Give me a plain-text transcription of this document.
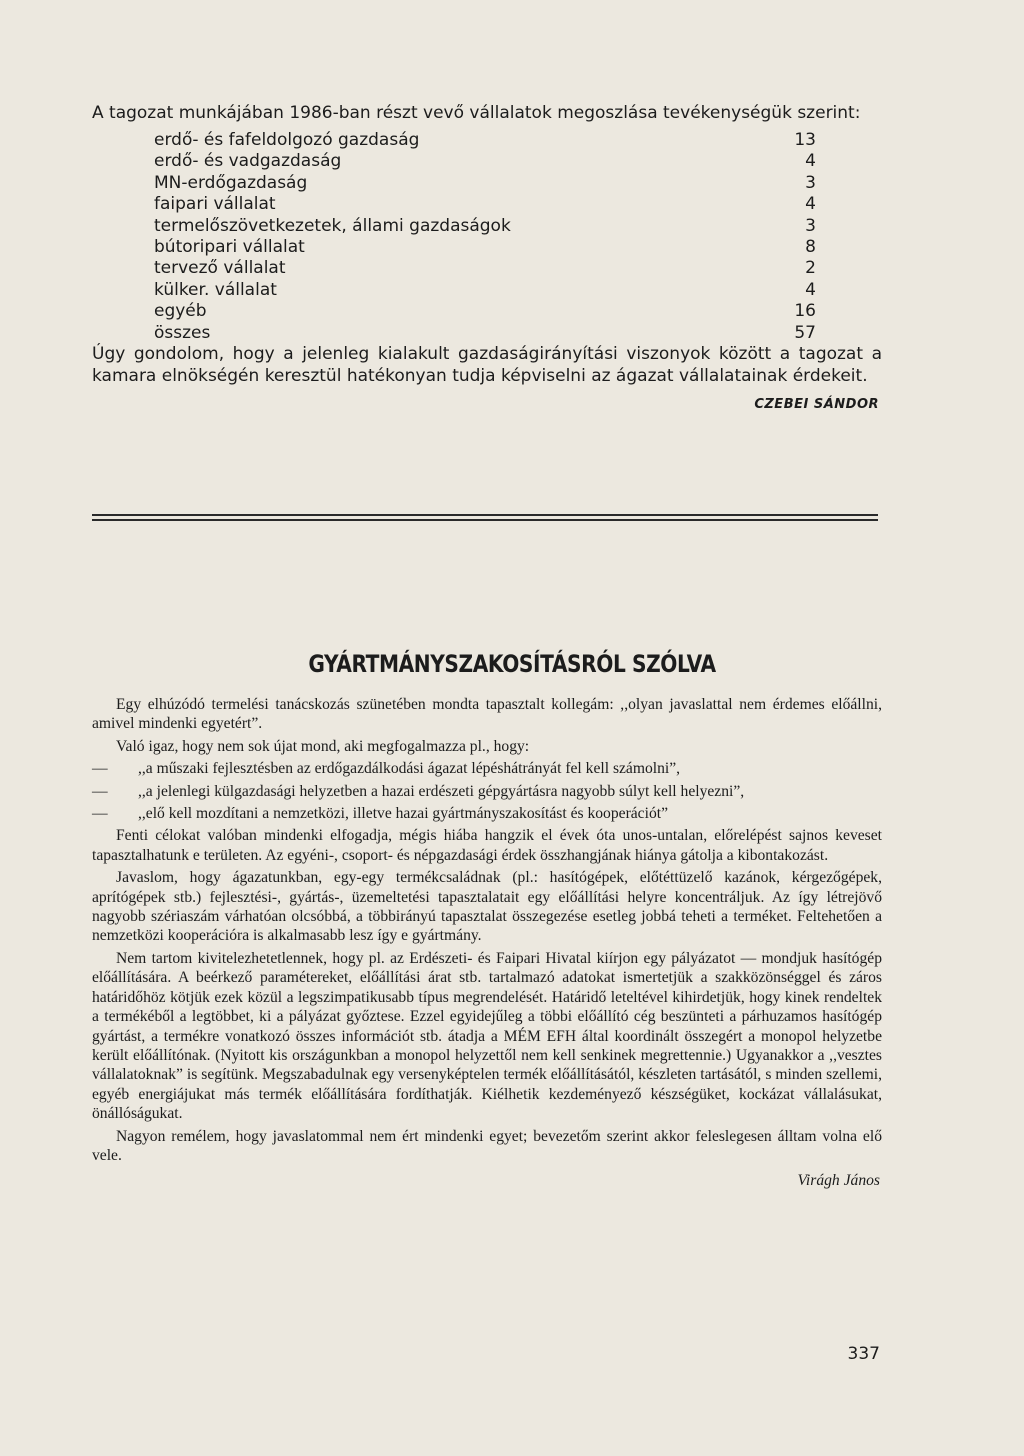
A tagozat munkájában 1986-ban részt vevő vállalatok megoszlása tevékenységük szerint:

erdő- és fafeldolgozó gazdaság	13
erdő- és vadgazdaság	4
MN-erdőgazdaság	3
faipari vállalat	4
termelőszövetkezetek, állami gazdaságok	3
bútoripari vállalat	8
tervező vállalat	2
külker. vállalat	4
egyéb	16
összes	57

Úgy gondolom, hogy a jelenleg kialakult gazdaságirányítási viszonyok között a tagozat a kamara elnökségén keresztül hatékonyan tudja képviselni az ágazat vállalatainak érdekeit.

CZEBEI SÁNDOR
GYÁRTMÁNYSZAKOSÍTÁSRÓL SZÓLVA

Egy elhúzódó termelési tanácskozás szünetében mondta tapasztalt kollegám: ,,olyan javaslattal nem érdemes előállni, amivel mindenki egyetért”.

Való igaz, hogy nem sok újat mond, aki megfogalmazza pl., hogy:

— ,,a műszaki fejlesztésben az erdőgazdálkodási ágazat lépéshátrányát fel kell számolni”,

— ,,a jelenlegi külgazdasági helyzetben a hazai erdészeti gépgyártásra nagyobb súlyt kell helyezni”,

— ,,elő kell mozdítani a nemzetközi, illetve hazai gyártmányszakosítást és kooperációt”

Fenti célokat valóban mindenki elfogadja, mégis hiába hangzik el évek óta unos-untalan, előrelépést sajnos keveset tapasztalhatunk e területen. Az egyéni-, csoport- és népgazdasági érdek összhangjának hiánya gátolja a kibontakozást.

Javaslom, hogy ágazatunkban, egy-egy termékcsaládnak (pl.: hasítógépek, előtéttüzelő kazánok, kérgezőgépek, aprítógépek stb.) fejlesztési-, gyártás-, üzemeltetési tapasztalatait egy előállítási helyre koncentráljuk. Az így létrejövő nagyobb szériaszám várhatóan olcsóbbá, a többirányú tapasztalat összegezése esetleg jobbá teheti a terméket. Feltehetően a nemzetközi kooperációra is alkalmasabb lesz így e gyártmány.

Nem tartom kivitelezhetetlennek, hogy pl. az Erdészeti- és Faipari Hivatal kiírjon egy pályázatot — mondjuk hasítógép előállítására. A beérkező paramétereket, előállítási árat stb. tartalmazó adatokat ismertetjük a szakközönséggel és záros határidőhöz kötjük ezek közül a legszimpatikusabb típus megrendelését. Határidő leteltével kihirdetjük, hogy kinek rendeltek a termékéből a legtöbbet, ki a pályázat győztese. Ezzel egyidejűleg a többi előállító cég beszünteti a párhuzamos hasítógép gyártást, a termékre vonatkozó összes információt stb. átadja a MÉM EFH által koordinált összegért a monopol helyzetbe került előállítónak. (Nyitott kis országunkban a monopol helyzettől nem kell senkinek megrettennie.) Ugyanakkor a ,,vesztes vállalatoknak” is segítünk. Megszabadulnak egy versenyképtelen termék előállításától, készleten tartásától, s minden szellemi, egyéb energiájukat más termék előállítására fordíthatják. Kiélhetik kezdeményező készségüket, kockázat vállalásukat, önállóságukat.

Nagyon remélem, hogy javaslatommal nem ért mindenki egyet; bevezetőm szerint akkor feleslegesen álltam volna elő vele.

Virágh János
337
